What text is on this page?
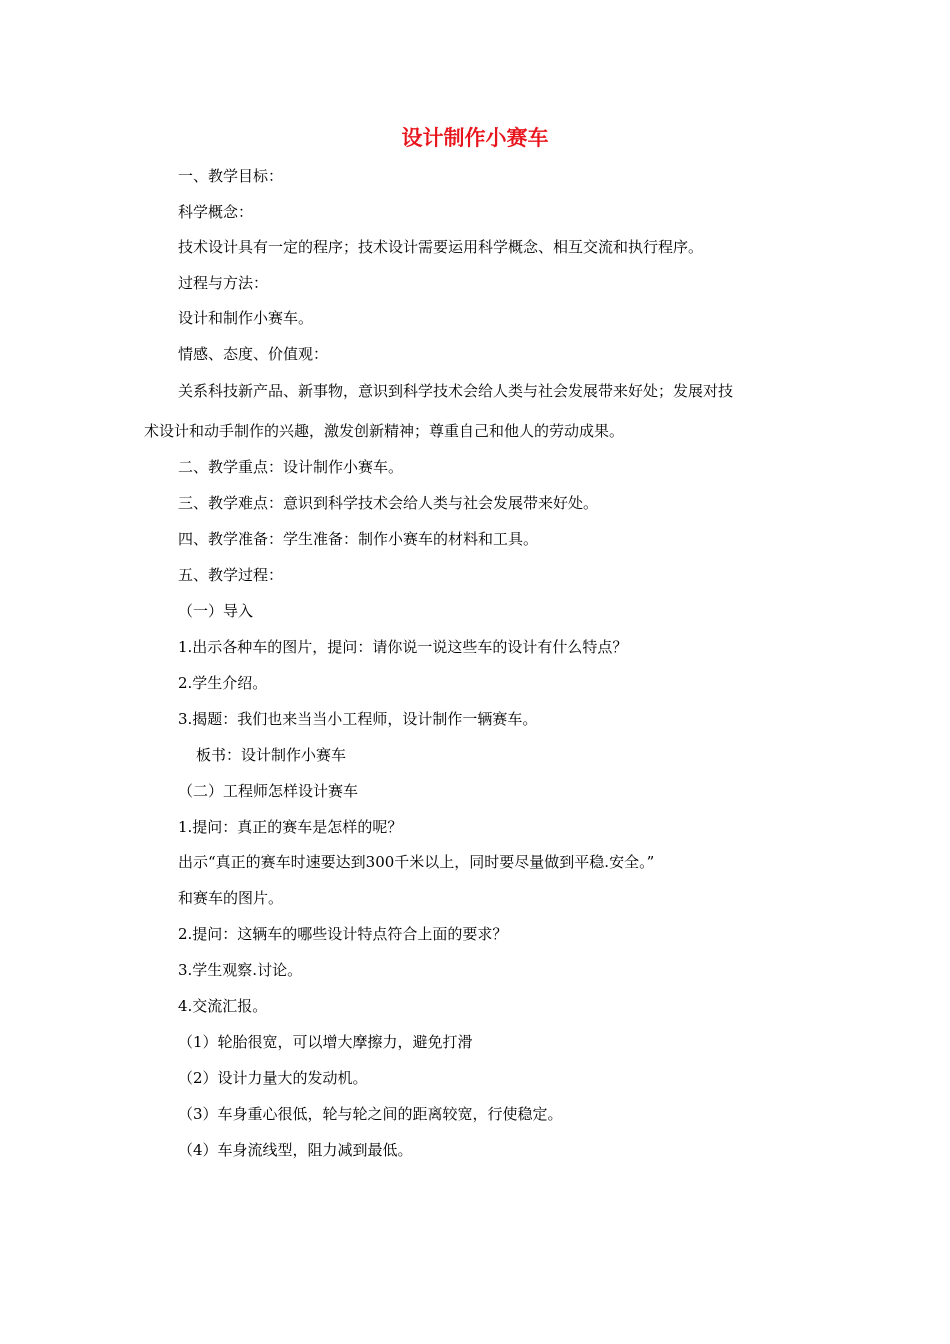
设计制作小赛车
一、教学目标：
科学概念：
技术设计具有一定的程序；技术设计需要运用科学概念、相互交流和执行程序。
过程与方法：
设计和制作小赛车。
情感、态度、价值观：
关系科技新产品、新事物，意识到科学技术会给人类与社会发展带来好处；发展对技
术设计和动手制作的兴趣，激发创新精神；尊重自己和他人的劳动成果。
二、教学重点：设计制作小赛车。
三、教学难点：意识到科学技术会给人类与社会发展带来好处。
四、教学准备：学生准备：制作小赛车的材料和工具。
五、教学过程：
（一）导入
1.出示各种车的图片，提问：请你说一说这些车的设计有什么特点？
2.学生介绍。
3.揭题：我们也来当当小工程师，设计制作一辆赛车。
板书：设计制作小赛车
（二）工程师怎样设计赛车
1.提问：真正的赛车是怎样的呢？
出示“真正的赛车时速要达到300千米以上，同时要尽量做到平稳.安全。”
和赛车的图片。
2.提问：这辆车的哪些设计特点符合上面的要求？
3.学生观察.讨论。
4.交流汇报。
（1）轮胎很宽，可以增大摩擦力，避免打滑
（2）设计力量大的发动机。
（3）车身重心很低，轮与轮之间的距离较宽，行使稳定。
（4）车身流线型，阻力减到最低。
